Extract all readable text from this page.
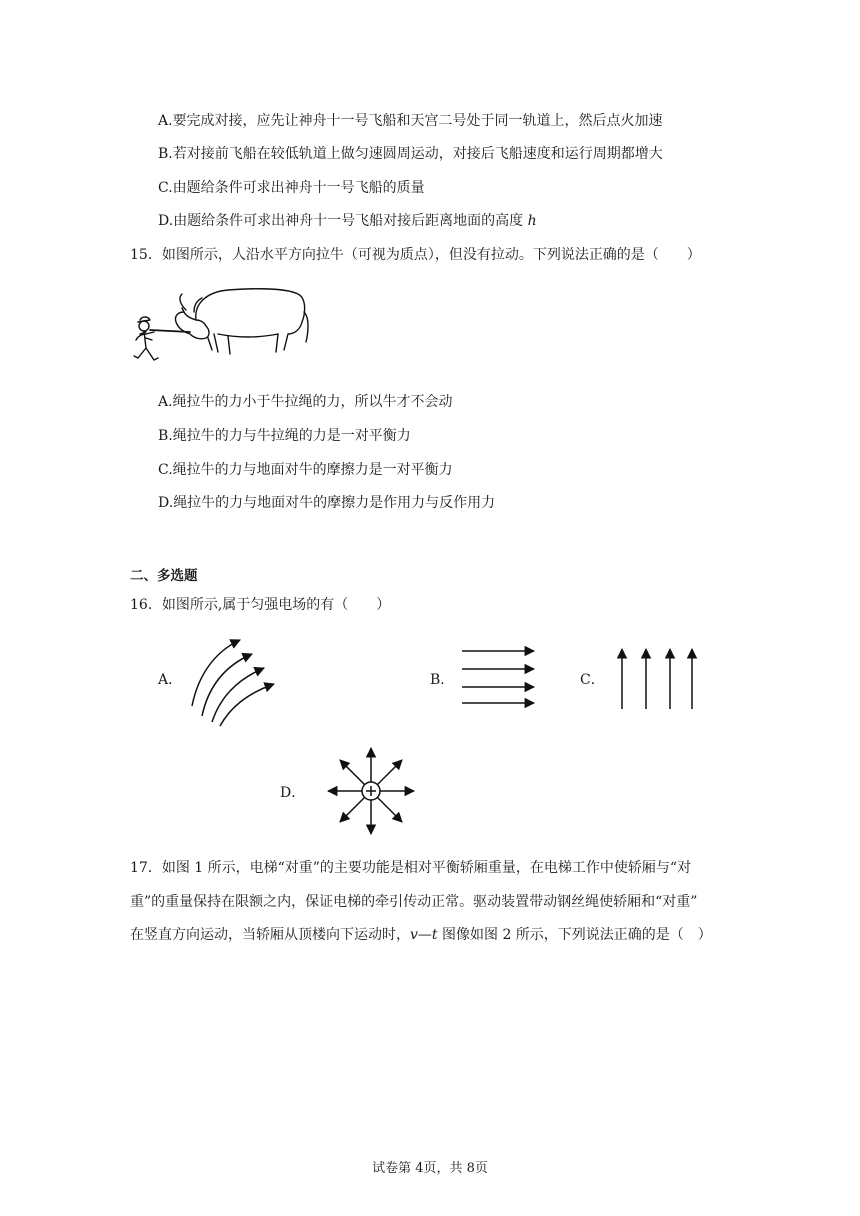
A.要完成对接，应先让神舟十一号飞船和天宫二号处于同一轨道上，然后点火加速
B.若对接前飞船在较低轨道上做匀速圆周运动，对接后飞船速度和运行周期都增大
C.由题给条件可求出神舟十一号飞船的质量
D.由题给条件可求出神舟十一号飞船对接后距离地面的高度 h
15．如图所示，人沿水平方向拉牛（可视为质点），但没有拉动。下列说法正确的是（　　）
A.绳拉牛的力小于牛拉绳的力，所以牛才不会动
B.绳拉牛的力与牛拉绳的力是一对平衡力
C.绳拉牛的力与地面对牛的摩擦力是一对平衡力
D.绳拉牛的力与地面对牛的摩擦力是作用力与反作用力
二、多选题
16．如图所示,属于匀强电场的有（　　）
A．	B．	C．
D．
17．如图 1 所示，电梯“对重”的主要功能是相对平衡轿厢重量，在电梯工作中使轿厢与“对
重”的重量保持在限额之内，保证电梯的牵引传动正常。驱动装置带动钢丝绳使轿厢和“对重”
在竖直方向运动，当轿厢从顶楼向下运动时，v—t 图像如图 2 所示，下列说法正确的是（　）
试卷第 4页，共 8页
